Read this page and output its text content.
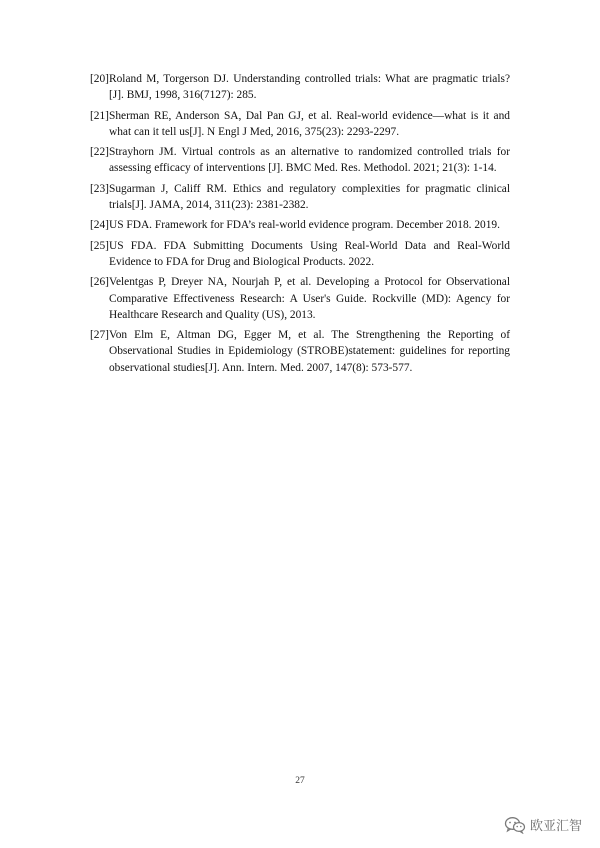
[20] Roland M, Torgerson DJ. Understanding controlled trials: What are pragmatic trials?[J]. BMJ, 1998, 316(7127): 285.
[21] Sherman RE, Anderson SA, Dal Pan GJ, et al. Real-world evidence—what is it and what can it tell us[J]. N Engl J Med, 2016, 375(23): 2293-2297.
[22] Strayhorn JM. Virtual controls as an alternative to randomized controlled trials for assessing efficacy of interventions [J]. BMC Med. Res. Methodol. 2021; 21(3): 1-14.
[23] Sugarman J, Califf RM. Ethics and regulatory complexities for pragmatic clinical trials[J]. JAMA, 2014, 311(23): 2381-2382.
[24] US FDA. Framework for FDA’s real-world evidence program. December 2018. 2019.
[25] US FDA. FDA Submitting Documents Using Real-World Data and Real-World Evidence to FDA for Drug and Biological Products. 2022.
[26] Velentgas P, Dreyer NA, Nourjah P, et al. Developing a Protocol for Observational Comparative Effectiveness Research: A User's Guide. Rockville (MD): Agency for Healthcare Research and Quality (US), 2013.
[27] Von Elm E, Altman DG, Egger M, et al. The Strengthening the Reporting of Observational Studies in Epidemiology (STROBE)statement: guidelines for reporting observational studies[J]. Ann. Intern. Med. 2007, 147(8): 573-577.
27
欧亚汇智
